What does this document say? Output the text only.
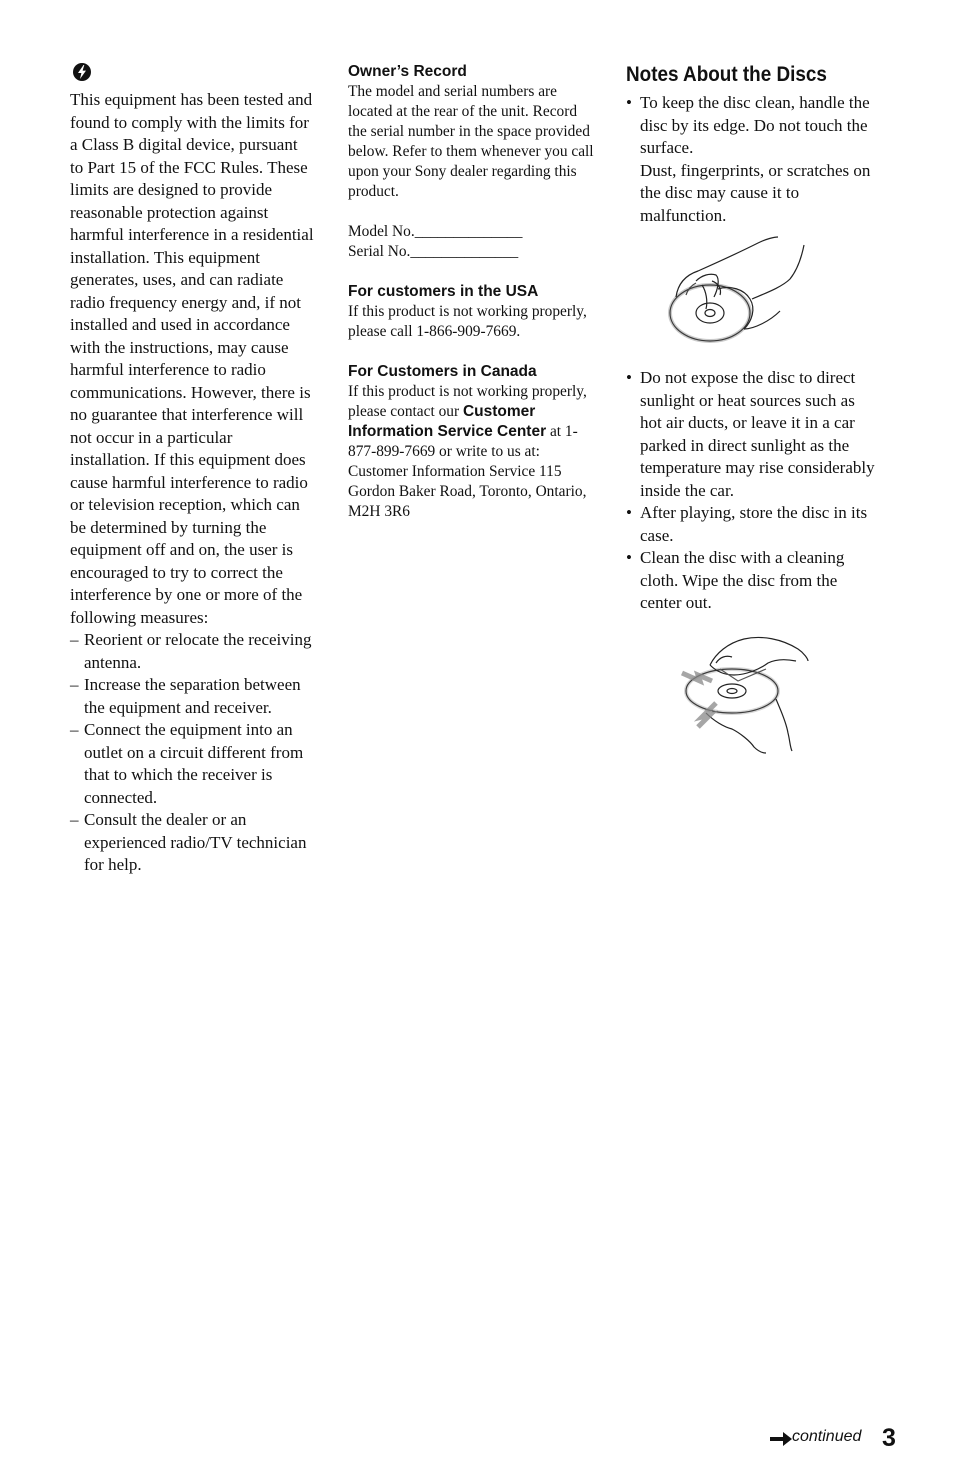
This equipment has been tested and found to comply with the limits for a Class B digital device, pursuant to Part 15 of the FCC Rules. These limits are designed to provide reasonable protection against harmful interference in a residential installation. This equipment generates, uses, and can radiate radio frequency energy and, if not installed and used in accordance with the instructions, may cause harmful interference to radio communications. However, there is no guarantee that interference will not occur in a particular installation. If this equipment does cause harmful interference to radio or television reception, which can be determined by turning the equipment off and on, the user is encouraged to try to correct the interference by one or more of the following measures:

– Reorient or relocate the receiving antenna.
– Increase the separation between the equipment and receiver.
– Connect the equipment into an outlet on a circuit different from that to which the receiver is connected.
– Consult the dealer or an experienced radio/TV technician for help.

Owner’s Record

The model and serial numbers are located at the rear of the unit. Record the serial number in the space provided below. Refer to them whenever you call upon your Sony dealer regarding this product.

Model No.______________

Serial No.______________

For customers in the USA

If this product is not working properly, please call 1-866-909-7669.

For Customers in Canada

If this product is not working properly, please contact our Customer Information Service Center at 1-877-899-7669 or write to us at: Customer Information Service 115 Gordon Baker Road, Toronto, Ontario, M2H 3R6

Notes About the Discs
• To keep the disc clean, handle the disc by its edge. Do not touch the surface.
Dust, fingerprints, or scratches on the disc may cause it to malfunction.
• Do not expose the disc to direct sunlight or heat sources such as hot air ducts, or leave it in a car parked in direct sunlight as the temperature may rise considerably inside the car.
• After playing, store the disc in its case.
• Clean the disc with a cleaning cloth. Wipe the disc from the center out.
continued 3
